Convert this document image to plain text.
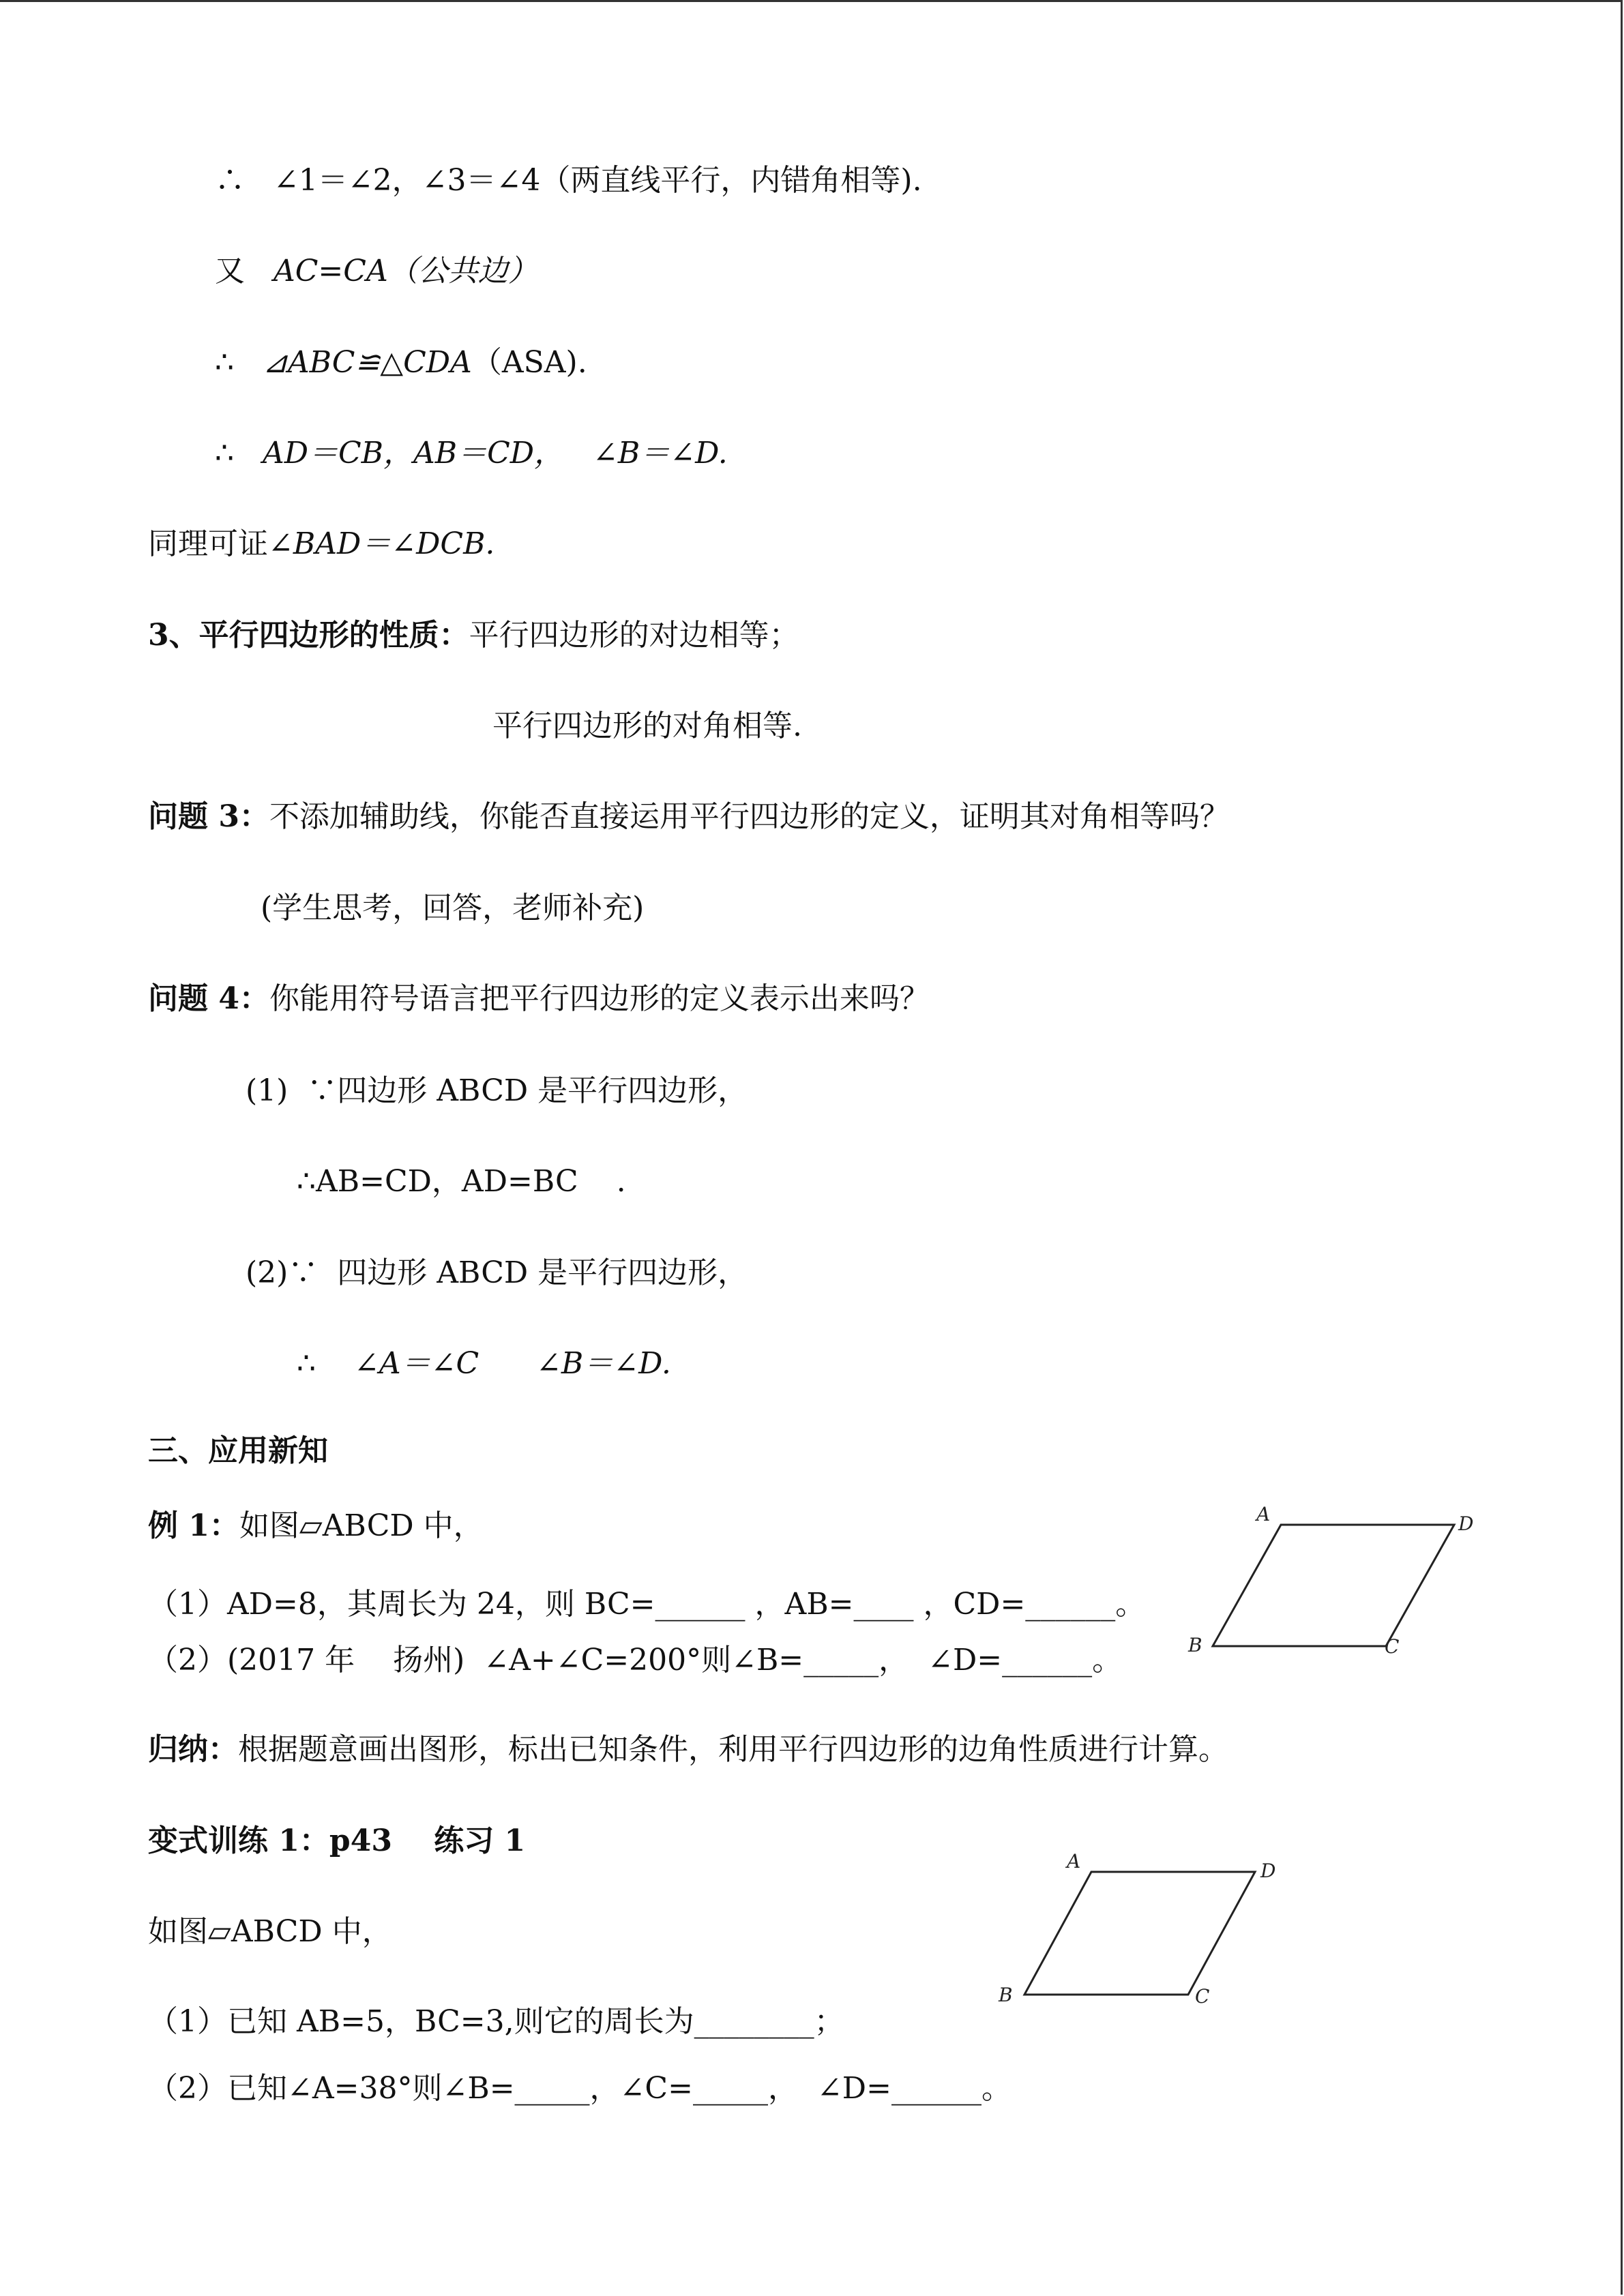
∴   ∠1＝∠2，∠3＝∠4（两直线平行，内错角相等).
又   AC=CA（公共边）
∴   ⊿ABC≌△CDA（ASA).
∴   AD＝CB，AB＝CD，   ∠B＝∠D.
同理可证∠BAD＝∠DCB.
3、平行四边形的性质：平行四边形的对边相等；
平行四边形的对角相等.
问题 3：不添加辅助线，你能否直接运用平行四边形的定义，证明其对角相等吗？
(学生思考，回答，老师补充)
问题 4：你能用符号语言把平行四边形的定义表示出来吗？
(1)  ∵四边形 ABCD 是平行四边形，
∴AB=CD，AD=BC    .
(2)∵  四边形 ABCD 是平行四边形，
∴    ∠A＝∠C      ∠B＝∠D.
三、应用新知
例 1：如图▱ABCD 中，
（1）AD=8，其周长为 24，则 BC=______ ，AB=____ ，CD=______。
（2）(2017 年    扬州)  ∠A+∠C=200°则∠B=_____，  ∠D=______。
A	D
B	C
归纳：根据题意画出图形，标出已知条件，利用平行四边形的边角性质进行计算。
变式训练 1：p43    练习 1
如图▱ABCD 中，
（1）已知 AB=5，BC=3,则它的周长为________；
（2）已知∠A=38°则∠B=_____，∠C=_____，  ∠D=______。
A	D
B	C
